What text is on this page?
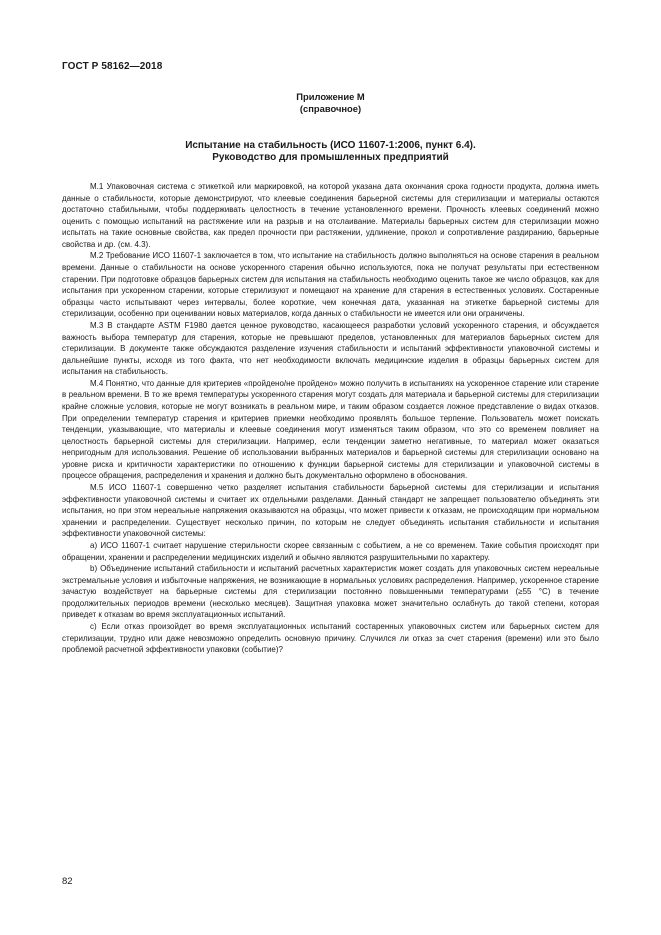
ГОСТ Р 58162—2018
Приложение М
(справочное)
Испытание на стабильность (ИСО 11607-1:2006, пункт 6.4).
Руководство для промышленных предприятий

М.1 Упаковочная система с этикеткой или маркировкой, на которой указана дата окончания срока годности продукта, должна иметь данные о стабильности, которые демонстрируют, что клеевые соединения барьерной системы для стерилизации и материалы остаются достаточно стабильными, чтобы поддерживать целостность в течение установленного времени. Прочность клеевых соединений можно оценить с помощью испытаний на растяжение или на разрыв и на отслаивание. Материалы барьерных систем для стерилизации можно испытать на такие основные свойства, как предел прочности при растяжении, удлинение, прокол и сопротивление раздиранию, барьерные свойства и др. (см. 4.3).

М.2 Требование ИСО 11607-1 заключается в том, что испытание на стабильность должно выполняться на основе старения в реальном времени. Данные о стабильности на основе ускоренного старения обычно используются, пока не получат результаты при естественном старении. При подготовке образцов барьерных систем для испытания на стабильность необходимо оценить такое же число образцов, как для испытания при ускоренном старении, которые стерилизуют и помещают на хранение для старения в естественных условиях. Состаренные образцы часто испытывают через интервалы, более короткие, чем конечная дата, указанная на этикетке барьерной системы для стерилизации, особенно при оценивании новых материалов, когда данных о стабильности не имеется или они ограничены.

М.3 В стандарте ASTM F1980 дается ценное руководство, касающееся разработки условий ускоренного старения, и обсуждается важность выбора температур для старения, которые не превышают пределов, установленных для материалов барьерных систем для стерилизации. В документе также обсуждаются разделение изучения стабильности и испытаний эффективности упаковочной системы и дальнейшие пункты, исходя из того факта, что нет необходимости включать медицинские изделия в образцы барьерных систем для испытания на стабильность.

М.4 Понятно, что данные для критериев «пройдено/не пройдено» можно получить в испытаниях на ускоренное старение или старение в реальном времени. В то же время температуры ускоренного старения могут создать для материала и барьерной системы для стерилизации крайне сложные условия, которые не могут возникать в реальном мире, и таким образом создается ложное представление о видах отказов. При определении температур старения и критериев приемки необходимо проявлять большое терпение. Пользователь может поискать тенденции, указывающие, что материалы и клеевые соединения могут изменяться таким образом, что это со временем повлияет на целостность барьерной системы для стерилизации. Например, если тенденции заметно негативные, то материал может оказаться непригодным для использования. Решение об использовании выбранных материалов и барьерной системы для стерилизации основано на уровне риска и критичности характеристики по отношению к функции барьерной системы для стерилизации и упаковочной системы в процессе обращения, распределения и хранения и должно быть документально оформлено в обоснования.

М.5 ИСО 11607-1 совершенно четко разделяет испытания стабильности барьерной системы для стерилизации и испытания эффективности упаковочной системы и считает их отдельными разделами. Данный стандарт не запрещает пользователю объединять эти испытания, но при этом нереальные напряжения оказываются на образцы, что может привести к отказам, не происходящим при нормальном хранении и распределении. Существует несколько причин, по которым не следует объединять испытания стабильности и испытания эффективности упаковочной системы:

a) ИСО 11607-1 считает нарушение стерильности скорее связанным с событием, а не со временем. Такие события происходят при обращении, хранении и распределении медицинских изделий и обычно являются разрушительными по характеру.

b) Объединение испытаний стабильности и испытаний расчетных характеристик может создать для упаковочных систем нереальные экстремальные условия и избыточные напряжения, не возникающие в нормальных условиях распределения. Например, ускоренное старение зачастую воздействует на барьерные системы для стерилизации постоянно повышенными температурами (≥55 °С) в течение продолжительных периодов времени (несколько месяцев). Защитная упаковка может значительно ослабнуть до такой степени, которая приведет к отказам во время эксплуатационных испытаний.

c) Если отказ произойдет во время эксплуатационных испытаний состаренных упаковочных систем или барьерных систем для стерилизации, трудно или даже невозможно определить основную причину. Случился ли отказ за счет старения (времени) или это было проблемой расчетной эффективности упаковки (событие)?

82
